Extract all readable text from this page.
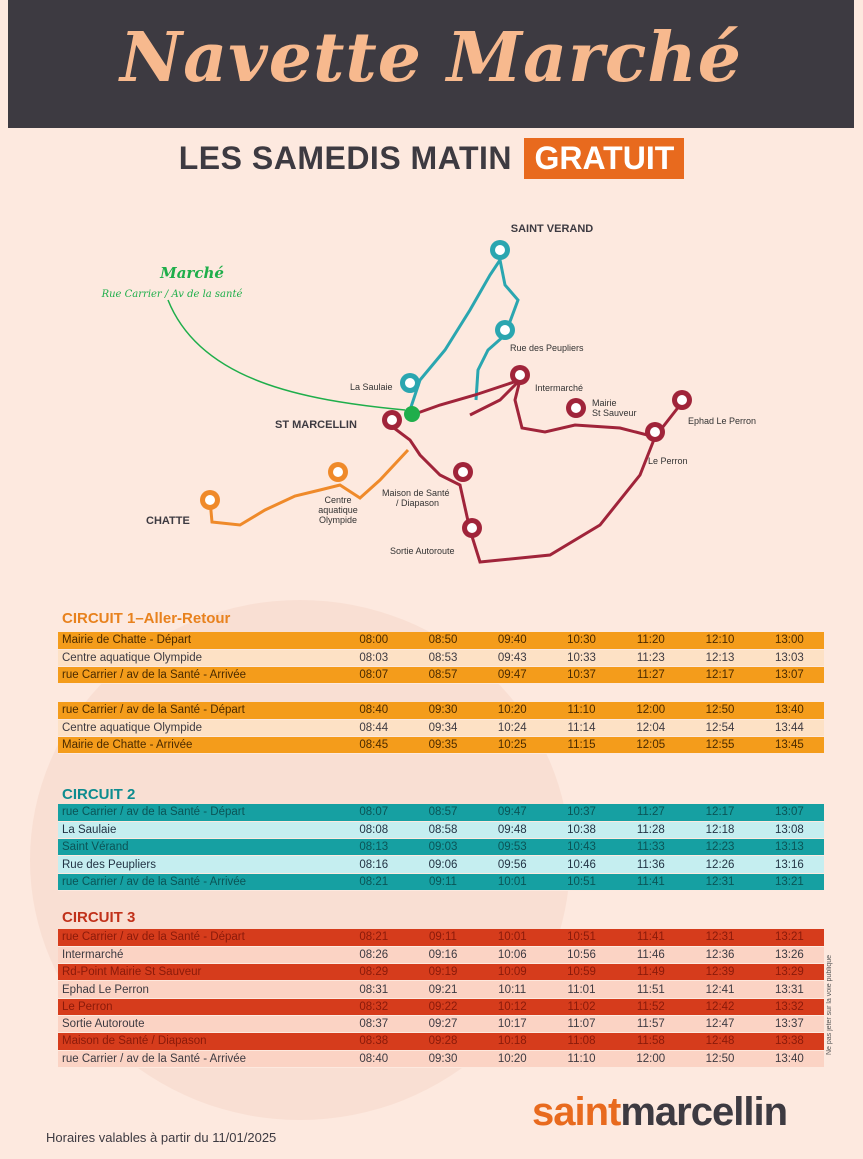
Navette Marché
LES SAMEDIS MATIN GRATUIT
Marché
Rue Carrier / Av de la santé
SAINT VERAND
Rue des Peupliers
La Saulaie
ST MARCELLIN
Intermarché
Mairie
St Sauveur
Ephad Le Perron
Le Perron
Maison de Santé
/ Diapason
Sortie Autoroute
CHATTE
Centre
aquatique
Olympide
CIRCUIT 1–Aller-Retour
Mairie de Chatte - Départ	08:00	08:50	09:40	10:30	11:20	12:10	13:00
Centre aquatique Olympide	08:03	08:53	09:43	10:33	11:23	12:13	13:03
rue Carrier / av de la Santé - Arrivée	08:07	08:57	09:47	10:37	11:27	12:17	13:07
rue Carrier / av de la Santé - Départ	08:40	09:30	10:20	11:10	12:00	12:50	13:40
Centre aquatique Olympide	08:44	09:34	10:24	11:14	12:04	12:54	13:44
Mairie de Chatte - Arrivée	08:45	09:35	10:25	11:15	12:05	12:55	13:45
CIRCUIT 2
rue Carrier / av de la Santé - Départ	08:07	08:57	09:47	10:37	11:27	12:17	13:07
La Saulaie	08:08	08:58	09:48	10:38	11:28	12:18	13:08
Saint Vérand	08:13	09:03	09:53	10:43	11:33	12:23	13:13
Rue des Peupliers	08:16	09:06	09:56	10:46	11:36	12:26	13:16
rue Carrier / av de la Santé - Arrivée	08:21	09:11	10:01	10:51	11:41	12:31	13:21
CIRCUIT 3
rue Carrier / av de la Santé - Départ	08:21	09:11	10:01	10:51	11:41	12:31	13:21
Intermarché	08:26	09:16	10:06	10:56	11:46	12:36	13:26
Rd-Point Mairie St Sauveur	08:29	09:19	10:09	10:59	11:49	12:39	13:29
Ephad Le Perron	08:31	09:21	10:11	11:01	11:51	12:41	13:31
Le Perron	08:32	09:22	10:12	11:02	11:52	12:42	13:32
Sortie Autoroute	08:37	09:27	10:17	11:07	11:57	12:47	13:37
Maison de Santé / Diapason	08:38	09:28	10:18	11:08	11:58	12:48	13:38
rue Carrier / av de la Santé - Arrivée	08:40	09:30	10:20	11:10	12:00	12:50	13:40
Ne pas jeter sur la voie publique
Horaires valables à partir du 11/01/2025
saintmarcellin
